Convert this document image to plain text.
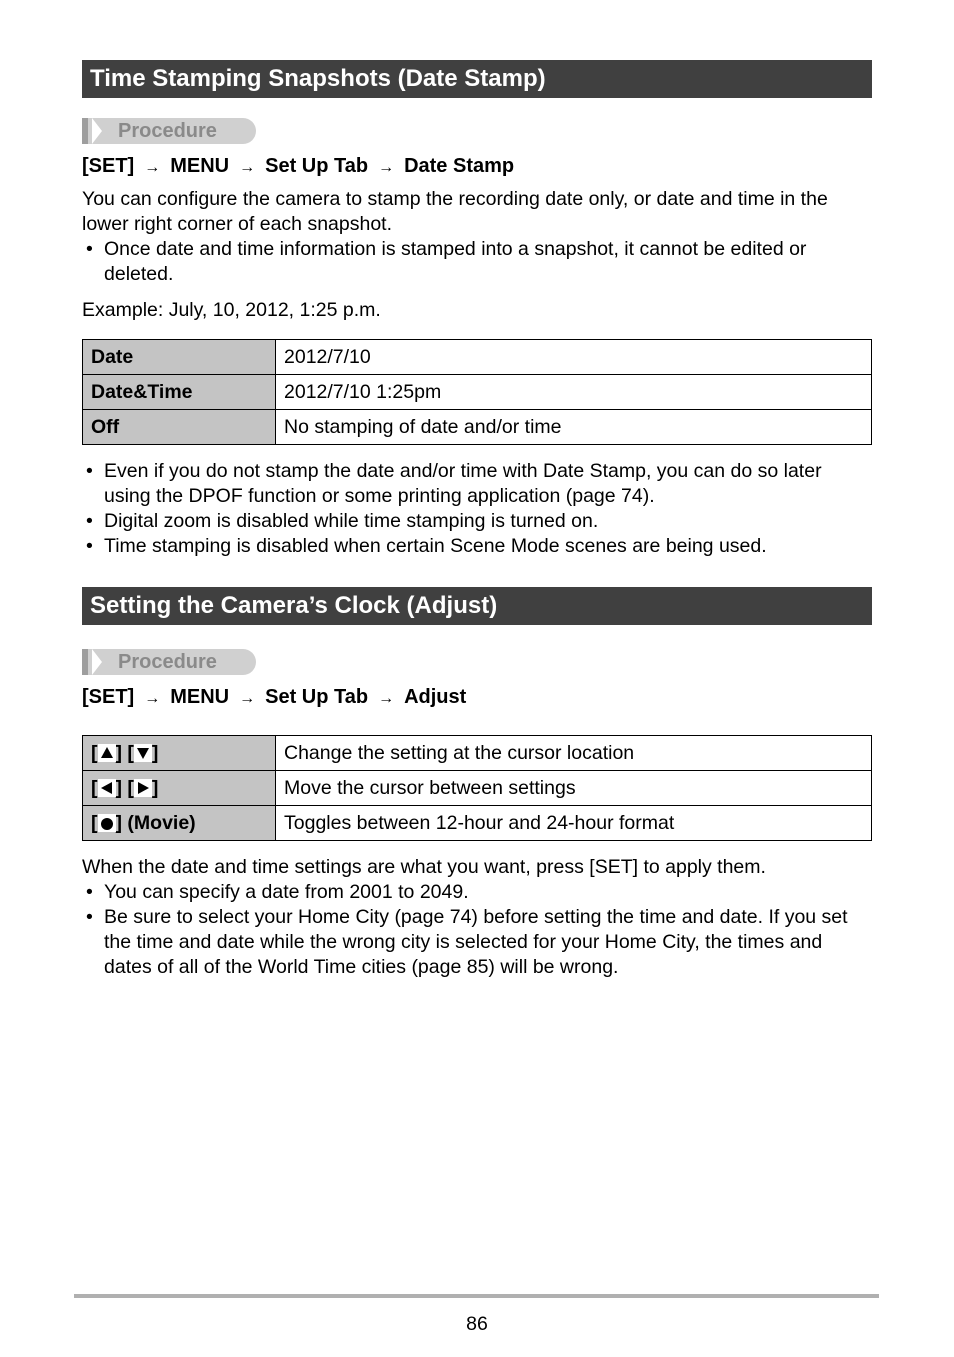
Time Stamping Snapshots (Date Stamp)
Procedure
[SET] → MENU → Set Up Tab → Date Stamp
You can configure the camera to stamp the recording date only, or date and time in the lower right corner of each snapshot.
• Once date and time information is stamped into a snapshot, it cannot be edited or deleted.
Example: July, 10, 2012, 1:25 p.m.
Date	2012/7/10
Date&Time	2012/7/10 1:25pm
Off	No stamping of date and/or time
• Even if you do not stamp the date and/or time with Date Stamp, you can do so later using the DPOF function or some printing application (page 74).
• Digital zoom is disabled while time stamping is turned on.
• Time stamping is disabled when certain Scene Mode scenes are being used.
Setting the Camera’s Clock (Adjust)
Procedure
[SET] → MENU → Set Up Tab → Adjust
[ ] [ ]	Change the setting at the cursor location
[ ] [ ]	Move the cursor between settings
[ ] (Movie)	Toggles between 12-hour and 24-hour format
When the date and time settings are what you want, press [SET] to apply them.
• You can specify a date from 2001 to 2049.
• Be sure to select your Home City (page 74) before setting the time and date. If you set the time and date while the wrong city is selected for your Home City, the times and dates of all of the World Time cities (page 85) will be wrong.
86
